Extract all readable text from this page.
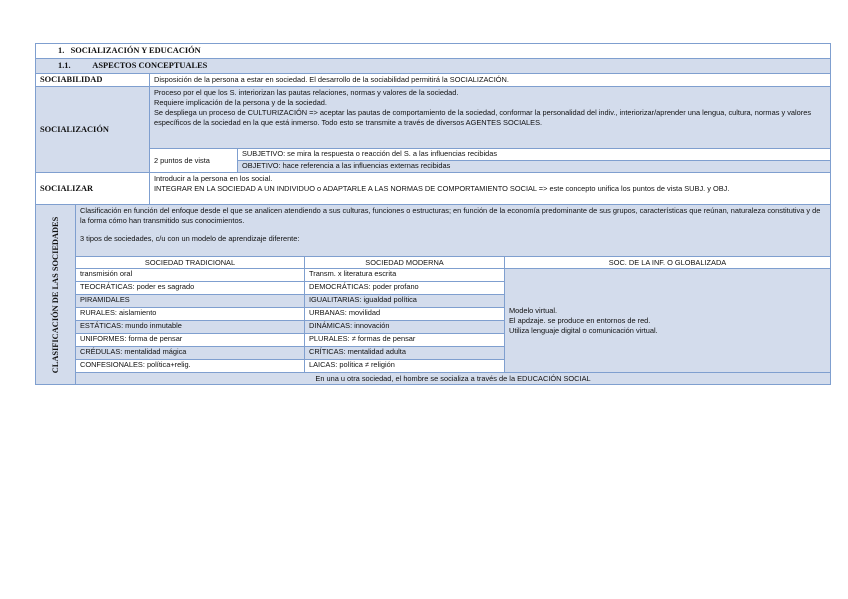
1. SOCIALIZACIÓN Y EDUCACIÓN					
1.1. ASPECTOS CONCEPTUALES					
SOCIABILIDAD		Disposición de la persona a estar en sociedad. El desarrollo de la sociabilidad permitirá la SOCIALIZACIÓN.			
SOCIALIZACIÓN		Proceso por el que los S. interiorizan las pautas relaciones, normas y valores de la sociedad.
Requiere implicación de la persona y de la sociedad.
Se despliega un proceso de CULTURIZACIÓN => aceptar las pautas de comportamiento de la sociedad, conformar la personalidad del indiv., interiorizar/aprender una lengua, cultura, normas y valores específicos de la sociedad en la que está inmerso. Todo esto se transmite a través de diversos AGENTES SOCIALES.			

		2 puntos de vista	SUBJETIVO: se mira la respuesta o reacción del S. a las influencias recibidas		
			OBJETIVO: hace referencia a las influencias externas recibidas		
SOCIALIZAR		Introducir a la persona en los social.
INTEGRAR EN LA SOCIEDAD A UN INDIVIDUO o ADAPTARLE A LAS NORMAS DE COMPORTAMIENTO SOCIAL => este concepto unifica los puntos de vista SUBJ. y OBJ.			

CLASIFICACIÓN DE LAS SOCIEDADES	Clasificación en función del enfoque desde el que se analicen atendiendo a sus culturas, funciones o estructuras; en función de la economía predominante de sus grupos, características que reúnan, naturaleza constitutiva y de la forma cómo han transmitido sus conocimientos.
3 tipos de sociedades, c/u con un modelo de aprendizaje diferente:				

	SOCIEDAD TRADICIONAL			SOCIEDAD MODERNA	SOC. DE LA INF. O GLOBALIZADA
	transmisión oral			Transm. x literatura escrita	Modelo virtual.
El apdzaje. se produce en entornos de red.
Utiliza lenguaje digital o comunicación virtual.

	TEOCRÁTICAS: poder es sagrado			DEMOCRÁTICAS: poder profano	
	PIRAMIDALES			IGUALITARIAS: igualdad política	
	RURALES: aislamiento			URBANAS: movilidad	
	ESTÁTICAS: mundo inmutable			DINÁMICAS: innovación	
	UNIFORMES: forma de pensar			PLURALES: ≠ formas de pensar	
	CRÉDULAS: mentalidad mágica			CRÍTICAS: mentalidad adulta	
	CONFESIONALES: política+relig.			LAICAS: política ≠ religión	
	En una u otra sociedad, el hombre se socializa a través de la EDUCACIÓN SOCIAL				
